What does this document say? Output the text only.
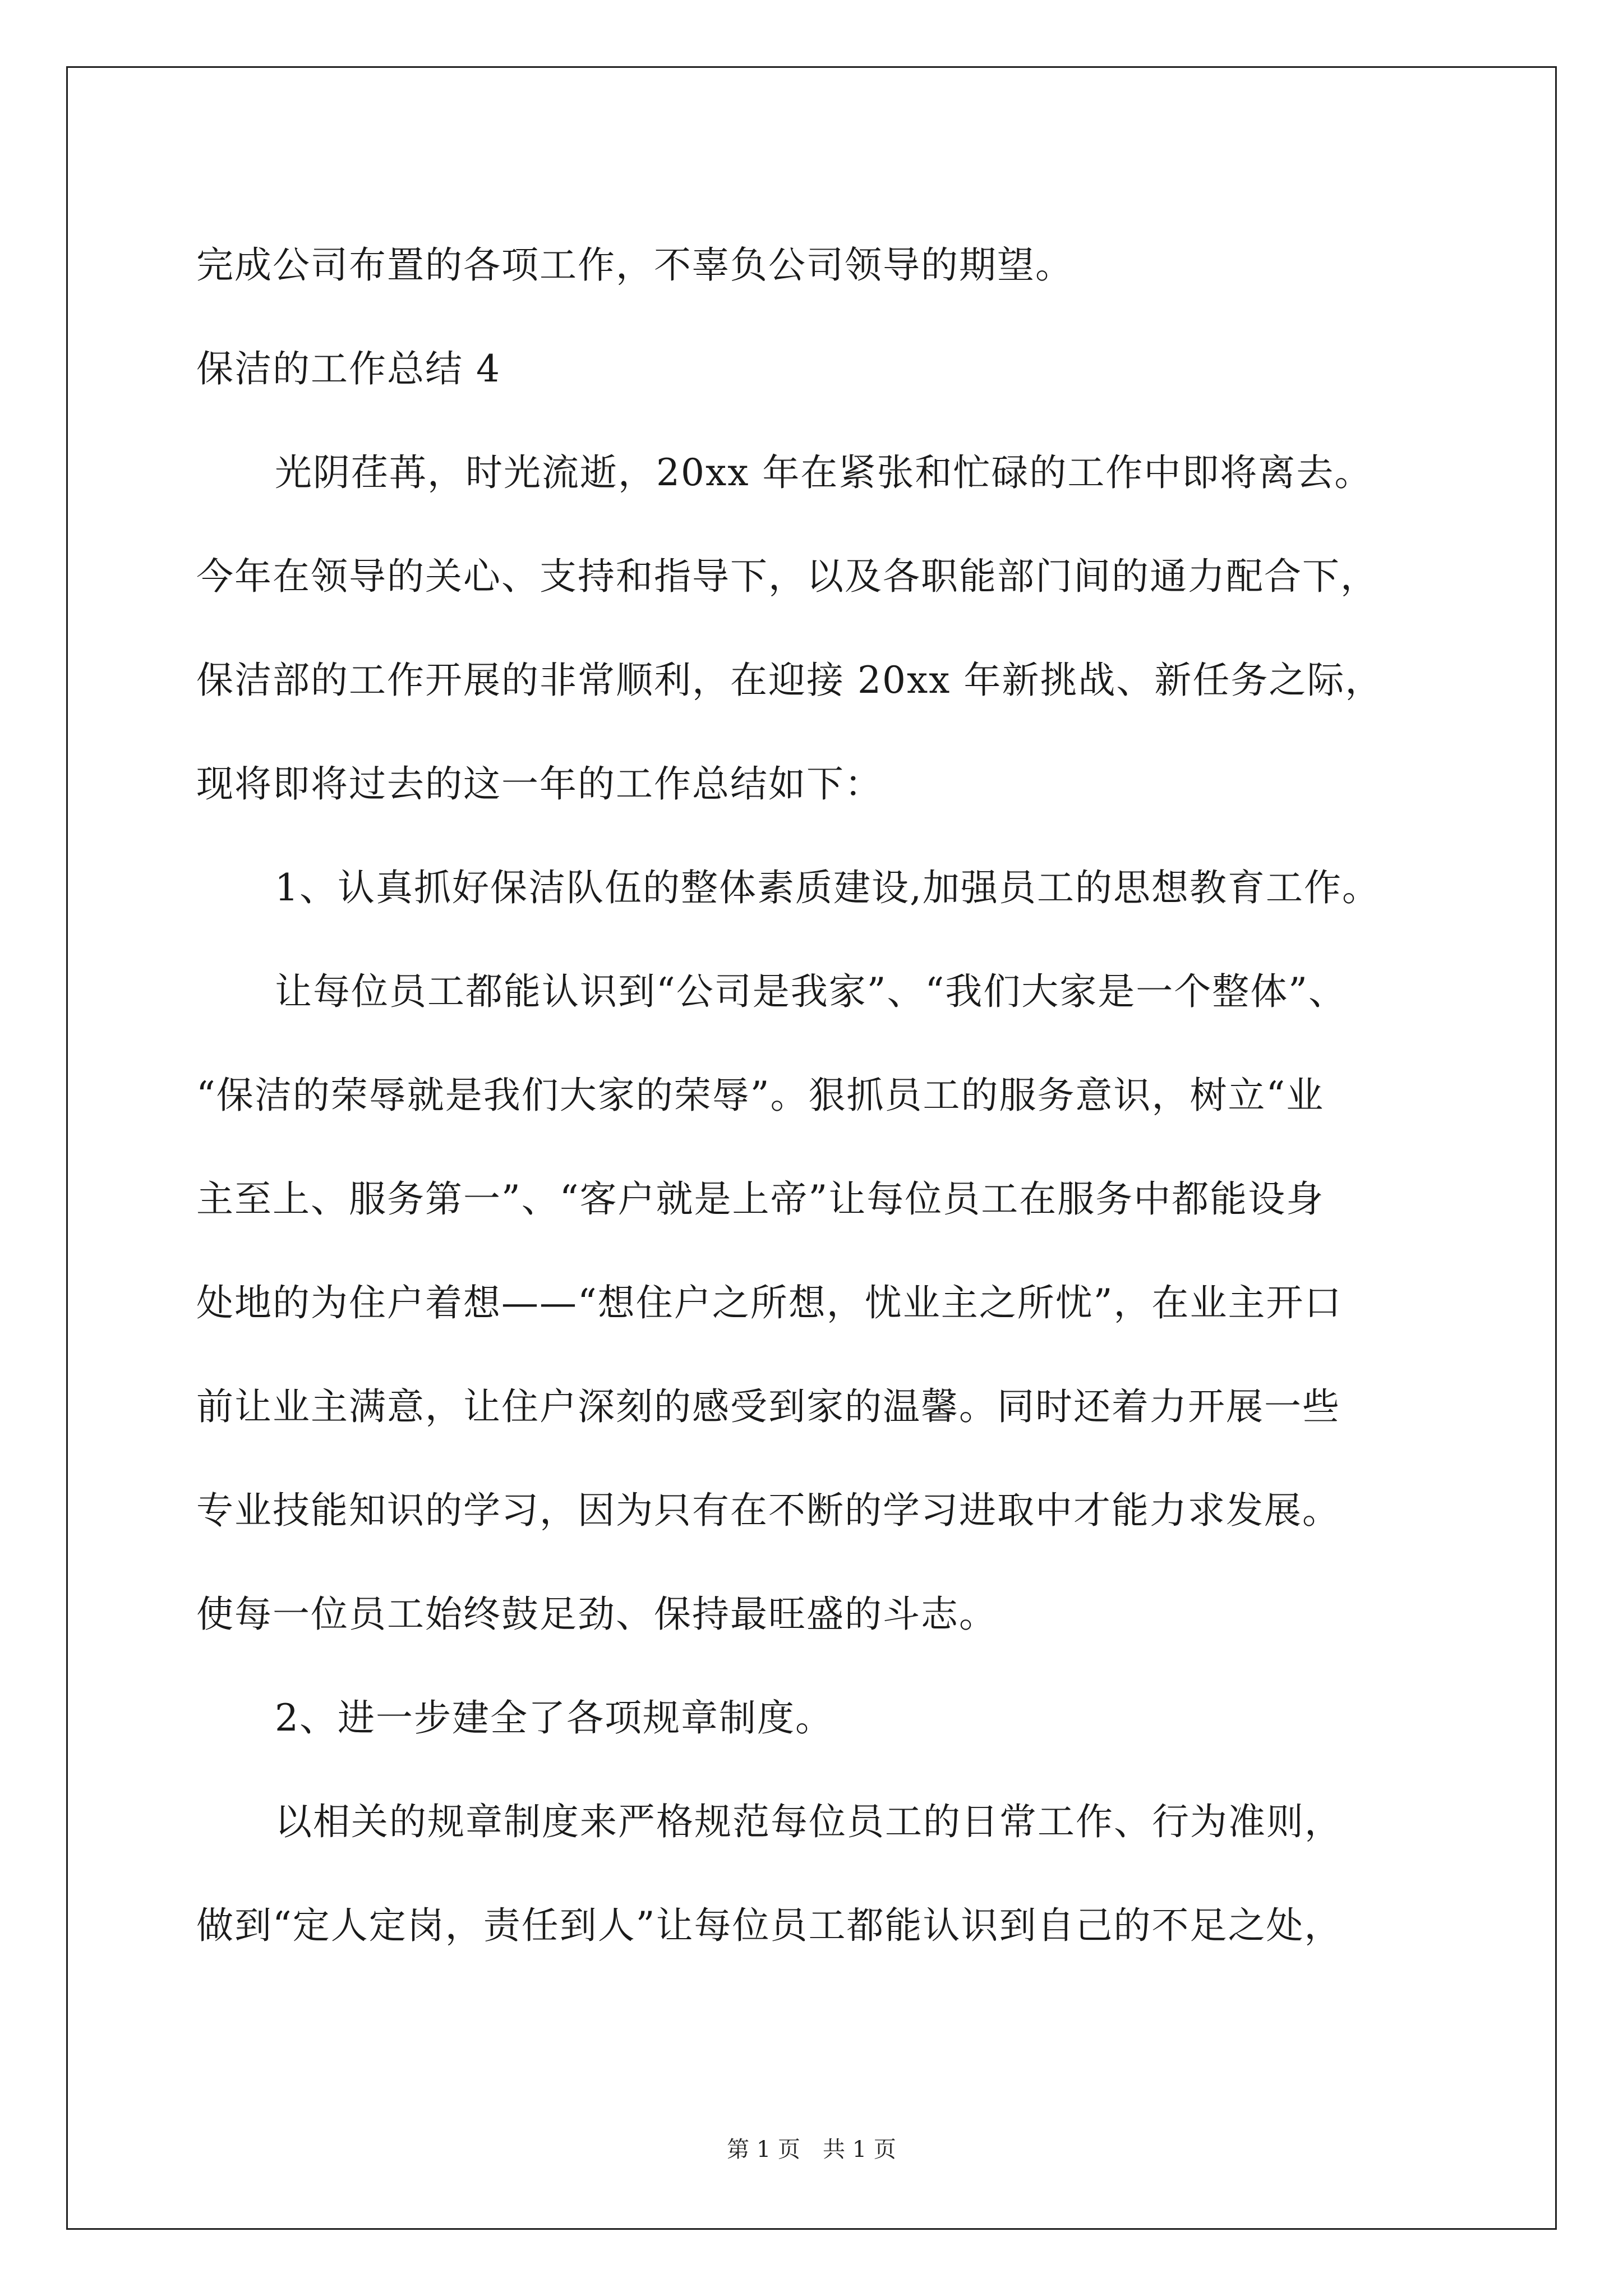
完成公司布置的各项工作，不辜负公司领导的期望。
保洁的工作总结 4
光阴荏苒，时光流逝，20xx 年在紧张和忙碌的工作中即将离去。
今年在领导的关心、支持和指导下，以及各职能部门间的通力配合下，
保洁部的工作开展的非常顺利，在迎接 20xx 年新挑战、新任务之际，
现将即将过去的这一年的工作总结如下：
1、认真抓好保洁队伍的整体素质建设,加强员工的思想教育工作。
让每位员工都能认识到“公司是我家”、“我们大家是一个整体”、
“保洁的荣辱就是我们大家的荣辱”。狠抓员工的服务意识，树立“业
主至上、服务第一”、“客户就是上帝”让每位员工在服务中都能设身
处地的为住户着想——“想住户之所想，忧业主之所忧”，在业主开口
前让业主满意，让住户深刻的感受到家的温馨。同时还着力开展一些
专业技能知识的学习，因为只有在不断的学习进取中才能力求发展。
使每一位员工始终鼓足劲、保持最旺盛的斗志。
2、进一步建全了各项规章制度。
以相关的规章制度来严格规范每位员工的日常工作、行为准则，
做到“定人定岗，责任到人”让每位员工都能认识到自己的不足之处，
第 1 页　共 1 页
